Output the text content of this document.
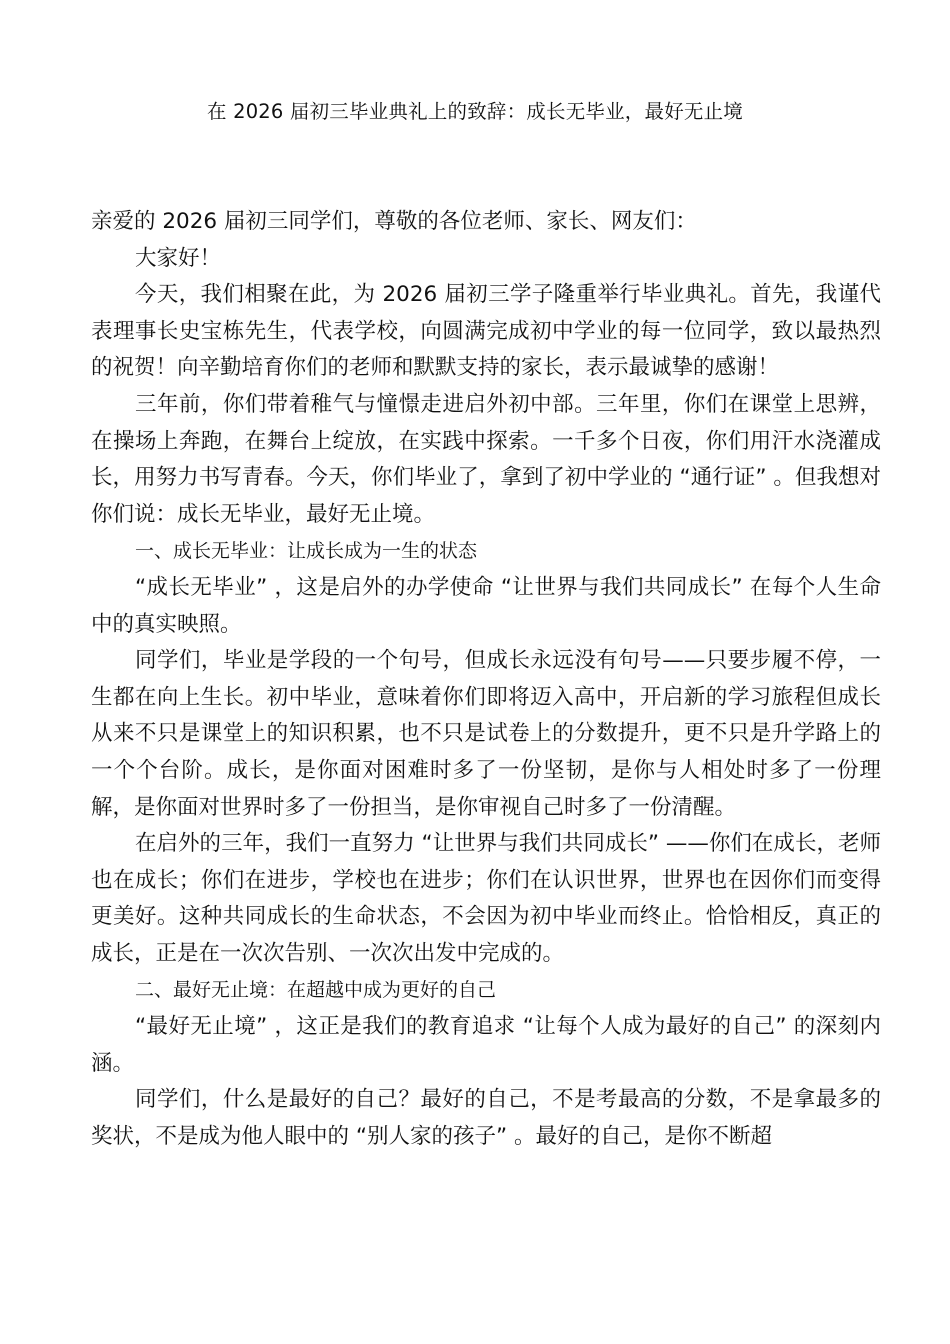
在 2026 届初三毕业典礼上的致辞：成长无毕业，最好无止境

亲爱的 2026 届初三同学们，尊敬的各位老师、家长、网友们：

大家好！

今天，我们相聚在此，为 2026 届初三学子隆重举行毕业典礼。首先，我谨代表理事长史宝栋先生，代表学校，向圆满完成初中学业的每一位同学，致以最热烈的祝贺！向辛勤培育你们的老师和默默支持的家长，表示最诚挚的感谢！

三年前，你们带着稚气与憧憬走进启外初中部。三年里，你们在课堂上思辨，在操场上奔跑，在舞台上绽放，在实践中探索。一千多个日夜，你们用汗水浇灌成长，用努力书写青春。今天，你们毕业了，拿到了初中学业的 “通行证” 。但我想对你们说：成长无毕业，最好无止境。

一、成长无毕业：让成长成为一生的状态

“成长无毕业” ，这是启外的办学使命 “让世界与我们共同成长” 在每个人生命中的真实映照。

同学们，毕业是学段的一个句号，但成长永远没有句号——只要步履不停，一生都在向上生长。初中毕业，意味着你们即将迈入高中，开启新的学习旅程但成长从来不只是课堂上的知识积累，也不只是试卷上的分数提升，更不只是升学路上的一个个台阶。成长，是你面对困难时多了一份坚韧，是你与人相处时多了一份理解，是你面对世界时多了一份担当，是你审视自己时多了一份清醒。

在启外的三年，我们一直努力 “让世界与我们共同成长” ——你们在成长，老师也在成长；你们在进步，学校也在进步；你们在认识世界，世界也在因你们而变得更美好。这种共同成长的生命状态，不会因为初中毕业而终止。恰恰相反，真正的成长，正是在一次次告别、一次次出发中完成的。

二、最好无止境：在超越中成为更好的自己

“最好无止境” ，这正是我们的教育追求 “让每个人成为最好的自己” 的深刻内涵。

同学们，什么是最好的自己？最好的自己，不是考最高的分数，不是拿最多的奖状，不是成为他人眼中的 “别人家的孩子” 。最好的自己，是你不断超
